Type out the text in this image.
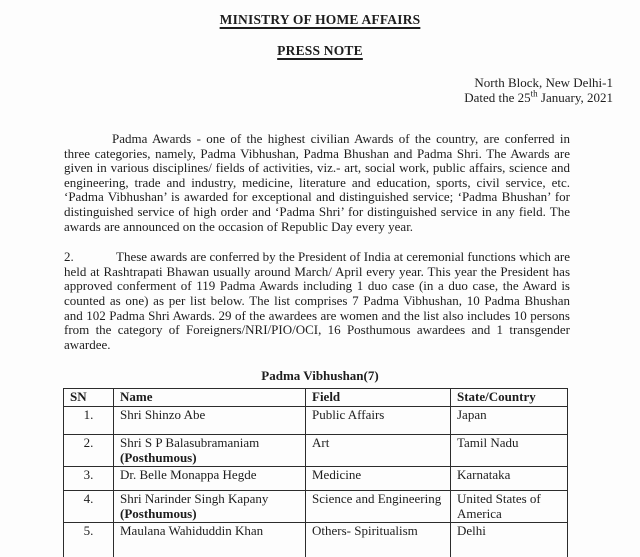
MINISTRY OF HOME AFFAIRS
PRESS NOTE
North Block, New Delhi-1
Dated the 25th January, 2021

Padma Awards - one of the highest civilian Awards of the country, are conferred in three categories, namely, Padma Vibhushan, Padma Bhushan and Padma Shri. The Awards are given in various disciplines/ fields of activities, viz.- art, social work, public affairs, science and engineering, trade and industry, medicine, literature and education, sports, civil service, etc. ‘Padma Vibhushan’ is awarded for exceptional and distinguished service; ‘Padma Bhushan’ for distinguished service of high order and ‘Padma Shri’ for distinguished service in any field. The awards are announced on the occasion of Republic Day every year.

2.	These awards are conferred by the President of India at ceremonial functions which are held at Rashtrapati Bhawan usually around March/ April every year. This year the President has approved conferment of 119 Padma Awards including 1 duo case (in a duo case, the Award is counted as one) as per list below. The list comprises 7 Padma Vibhushan, 10 Padma Bhushan and 102 Padma Shri Awards. 29 of the awardees are women and the list also includes 10 persons from the category of Foreigners/NRI/PIO/OCI, 16 Posthumous awardees and 1 transgender awardee.

Padma Vibhushan(7)
SN	Name	Field	State/Country
1.	Shri Shinzo Abe	Public Affairs	Japan
2.	Shri S P Balasubramaniam
(Posthumous)	Art	Tamil Nadu
3.	Dr. Belle Monappa Hegde	Medicine	Karnataka
4.	Shri Narinder Singh Kapany
(Posthumous)	Science and Engineering	United States of America
5.	Maulana Wahiduddin Khan	Others- Spiritualism	Delhi
